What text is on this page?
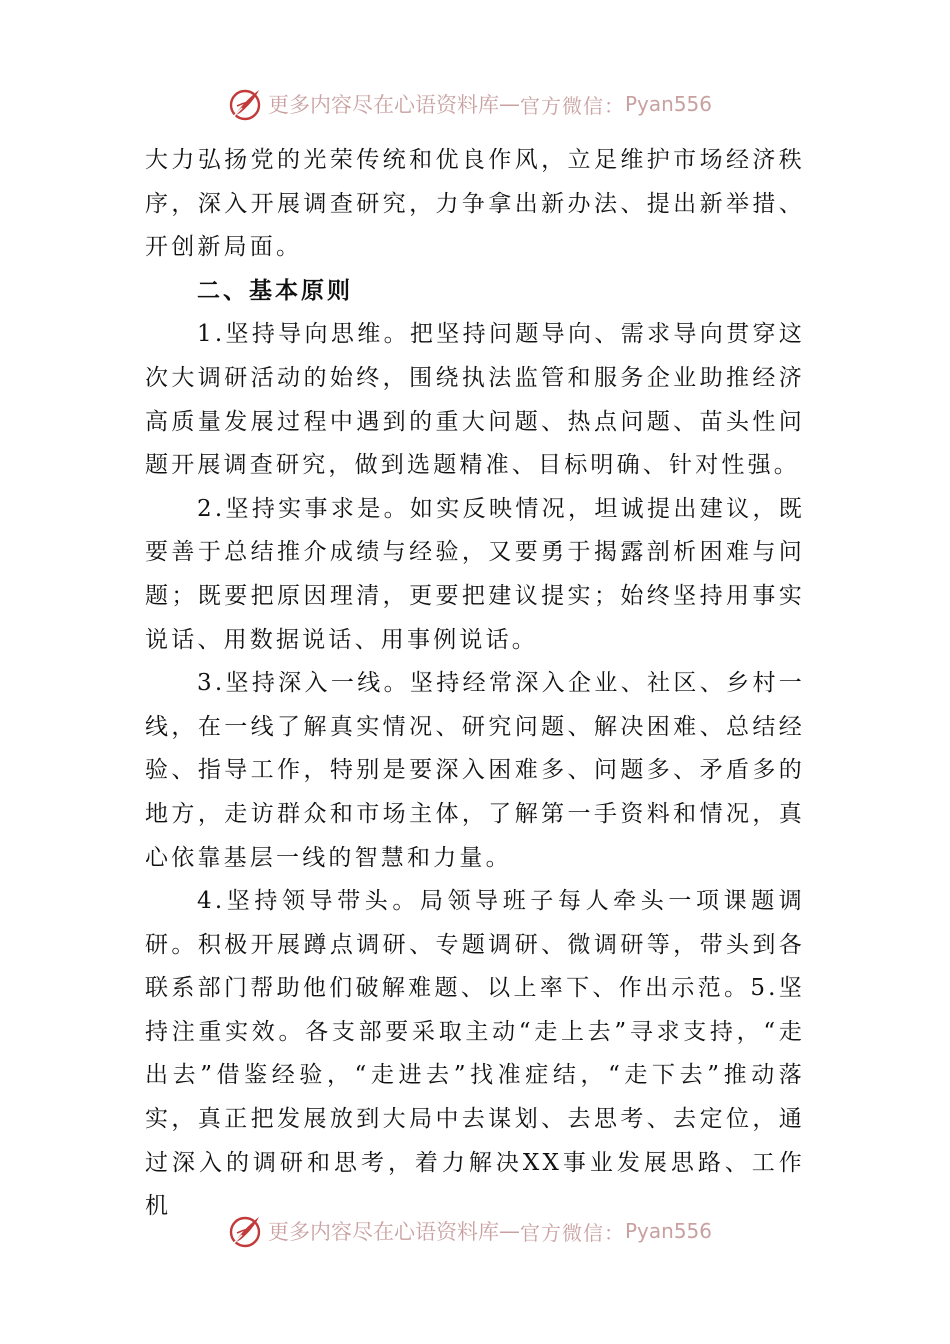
更多内容尽在心语资料库 — 官方微信： Pyan556

大力弘扬党的光荣传统和优良作风，立足维护市场经济秩序，深入开展调查研究，力争拿出新办法、提出新举措、开创新局面。

二、基本原则

1.坚持导向思维。把坚持问题导向、需求导向贯穿这次大调研活动的始终，围绕执法监管和服务企业助推经济高质量发展过程中遇到的重大问题、热点问题、苗头性问题开展调查研究，做到选题精准、目标明确、针对性强。

2.坚持实事求是。如实反映情况，坦诚提出建议，既要善于总结推介成绩与经验，又要勇于揭露剖析困难与问题；既要把原因理清，更要把建议提实；始终坚持用事实说话、用数据说话、用事例说话。

3.坚持深入一线。坚持经常深入企业、社区、乡村一线，在一线了解真实情况、研究问题、解决困难、总结经验、指导工作，特别是要深入困难多、问题多、矛盾多的地方，走访群众和市场主体，了解第一手资料和情况，真心依靠基层一线的智慧和力量。

4.坚持领导带头。局领导班子每人牵头一项课题调研。积极开展蹲点调研、专题调研、微调研等，带头到各联系部门帮助他们破解难题、以上率下、作出示范。5.坚持注重实效。各支部要采取主动“走上去”寻求支持，“走出去”借鉴经验，“走进去”找准症结，“走下去”推动落实，真正把发展放到大局中去谋划、去思考、去定位，通过深入的调研和思考，着力解决XX事业发展思路、工作机

更多内容尽在心语资料库 — 官方微信： Pyan556
